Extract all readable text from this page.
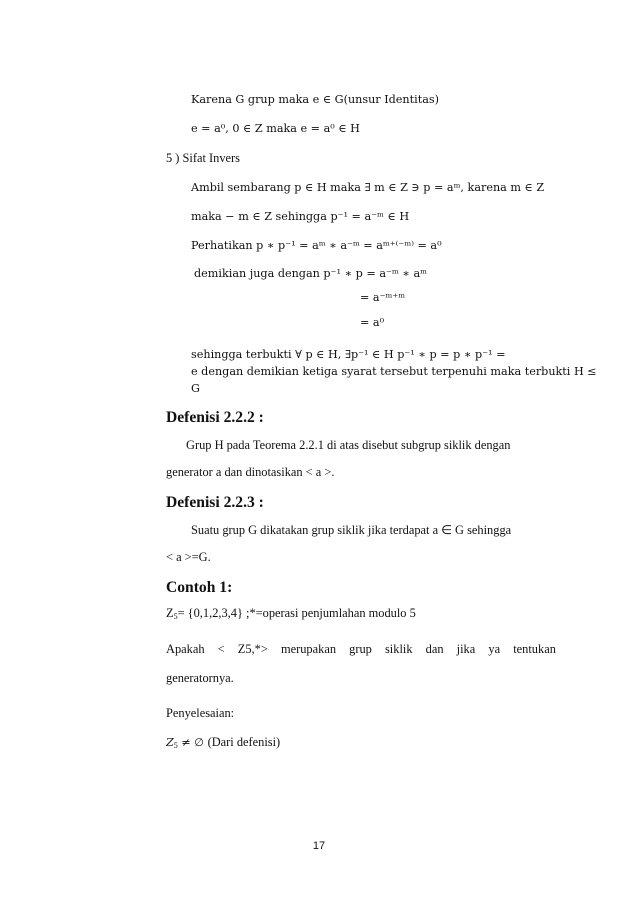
Karena G grup maka e ∈ G(unsur Identitas)
e = a⁰, 0 ∈ Z maka e = a⁰ ∈ H
5 ) Sifat Invers
Ambil sembarang p ∈ H maka ∃ m ∈ Z ∋ p = aᵐ, karena m ∈ Z
maka − m ∈ Z sehingga p⁻¹ = a⁻ᵐ ∈ H
Perhatikan p ∗ p⁻¹ = aᵐ ∗ a⁻ᵐ = aᵐ⁺⁽⁻ᵐ⁾ = a⁰
demikian juga dengan p⁻¹ ∗ p = a⁻ᵐ ∗ aᵐ
= a⁻ᵐ⁺ᵐ
= a⁰
sehingga terbukti ∀ p ∈ H, ∃p⁻¹ ∈ H p⁻¹ ∗ p = p ∗ p⁻¹ =
e dengan demikian ketiga syarat tersebut terpenuhi maka terbukti H ≤
G
Defenisi 2.2.2 :
Grup H pada Teorema 2.2.1 di atas disebut subgrup siklik dengan
generator a dan dinotasikan < a >.
Defenisi 2.2.3 :
Suatu grup G dikatakan grup siklik jika terdapat a ∈ G sehingga
< a >=G.
Contoh 1:
$Z_5= \{0,1,2,3,4\}$ ;*=operasi penjumlahan modulo 5
Apakah < Z5,*> merupakan grup siklik dan jika ya tentukan
generatornya.
Penyelesaian:
$Z_5$ ≠ ∅ (Dari defenisi)
17
